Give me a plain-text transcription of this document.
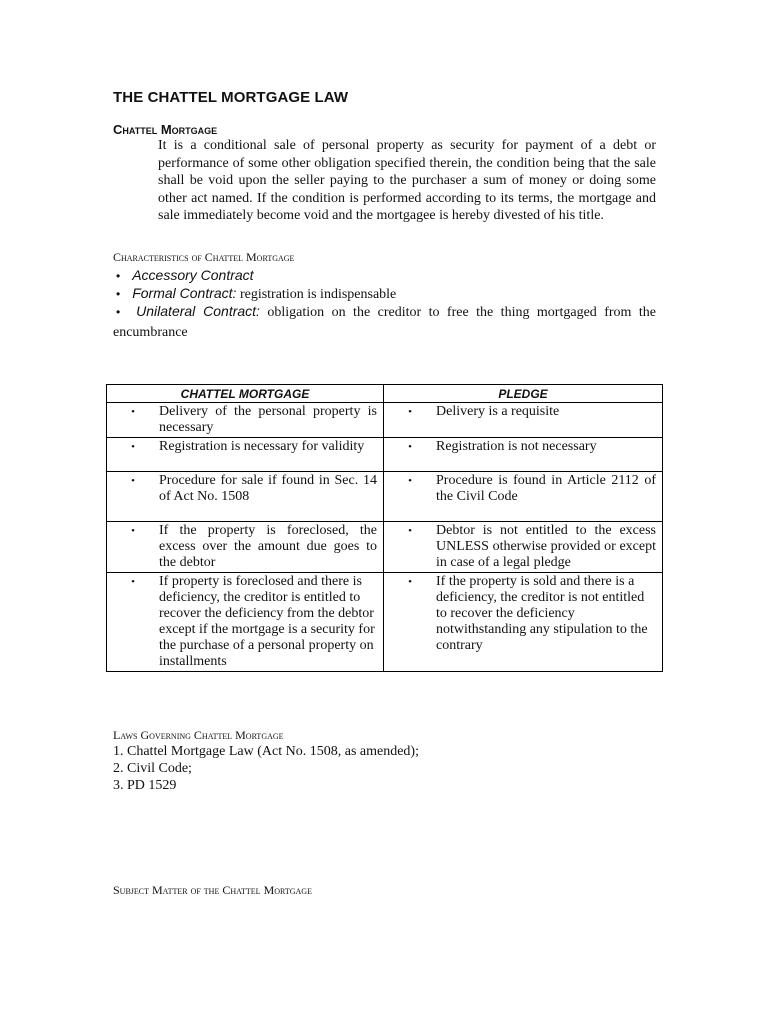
THE CHATTEL MORTGAGE LAW
Chattel Mortgage
It is a conditional sale of personal property as security for payment of a debt or performance of some other obligation specified therein, the condition being that the sale shall be void upon the seller paying to the purchaser a sum of money or doing some other act named. If the condition is performed according to its terms, the mortgage and sale immediately become void and the mortgagee is hereby divested of his title.
Characteristics of Chattel Mortgage
• Accessory Contract
• Formal Contract: registration is indispensable
• Unilateral Contract: obligation on the creditor to free the thing mortgaged from the encumbrance
CHATTEL MORTGAGE	PLEDGE

• Delivery of the personal property is necessary	• Delivery is a requisite

• Registration is necessary for validity	• Registration is not necessary

• Procedure for sale if found in Sec. 14 of Act No. 1508	• Procedure is found in Article 2112 of the Civil Code

• If the property is foreclosed, the excess over the amount due goes to the debtor	• Debtor is not entitled to the excess UNLESS otherwise provided or except in case of a legal pledge

• If property is foreclosed and there is deficiency, the creditor is entitled to recover the deficiency from the debtor except if the mortgage is a security for the purchase of a personal property on installments	• If the property is sold and there is a deficiency, the creditor is not entitled to recover the deficiency notwithstanding any stipulation to the contrary
Laws Governing Chattel Mortgage
1. Chattel Mortgage Law (Act No. 1508, as amended);
2. Civil Code;
3. PD 1529
Subject Matter of the Chattel Mortgage
